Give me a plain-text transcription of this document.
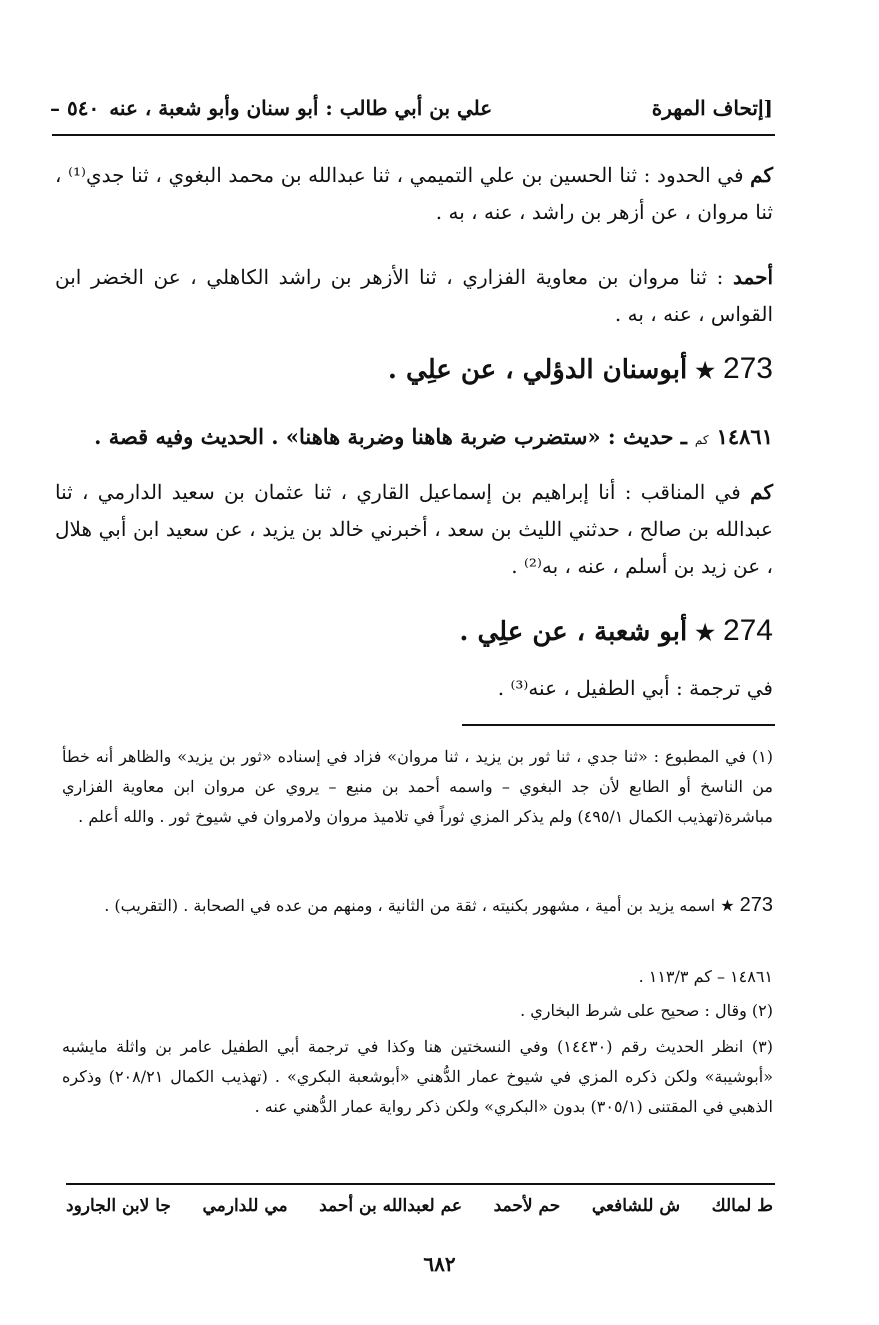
٥٤٠ – علي بن أبي طالب : أبو سنان وأبو شعبة ، عنه	[إتحاف المهرة
كم في الحدود : ثنا الحسين بن علي التميمي ، ثنا عبدالله بن محمد البغوي ، ثنا جدي⁽¹⁾ ، ثنا مروان ، عن أزهر بن راشد ، عنه ، به .
أحمد : ثنا مروان بن معاوية الفزاري ، ثنا الأزهر بن راشد الكاهلي ، عن الخضر ابن القواس ، عنه ، به .
273
★
أبوسنان الدؤلي ، عن علِي .
١٤٨٦١
كم
ـ حديث : «ستضرب ضربة هاهنا وضربة هاهنا» . الحديث وفيه قصة .
كم في المناقب : أنا إبراهيم بن إسماعيل القاري ، ثنا عثمان بن سعيد الدارمي ، ثنا عبدالله بن صالح ، حدثني الليث بن سعد ، أخبرني خالد بن يزيد ، عن سعيد ابن أبي هلال ، عن زيد بن أسلم ، عنه ، به⁽²⁾ .
274
★
أبو شعبة ، عن علِي .
في ترجمة : أبي الطفيل ، عنه⁽³⁾ .
(١) في المطبوع : «ثنا جدي ، ثنا ثور بن يزيد ، ثنا مروان» فزاد في إسناده «ثور بن يزيد» والظاهر أنه خطأ من الناسخ أو الطابع لأن جد البغوي – واسمه أحمد بن منيع – يروي عن مروان ابن معاوية الفزاري مباشرة(تهذيب الكمال ٤٩٥/١) ولم يذكر المزي ثوراً في تلاميذ مروان ولامروان في شيوخ ثور . والله أعلم .
273 ★ اسمه يزيد بن أمية ، مشهور بكنيته ، ثقة من الثانية ، ومنهم من عده في الصحابة . (التقريب) .
١٤٨٦١ – كم ١١٣/٣ .
(٢) وقال : صحيح على شرط البخاري .
(٣) انظر الحديث رقم (١٤٤٣٠) وفي النسختين هنا وكذا في ترجمة أبي الطفيل عامر بن واثلة مايشبه «أبوشيبة» ولكن ذكره المزي في شيوخ عمار الدُّهني «أبوشعبة البكري» . (تهذيب الكمال ٢٠٨/٢١) وذكره الذهبي في المقتنى (٣٠٥/١) بدون «البكري» ولكن ذكر رواية عمار الدُّهني عنه .
ط لمالك
ش للشافعي
حم لأحمد
عم لعبدالله بن أحمد
مي للدارمي
جا لابن الجارود
٦٨٢
